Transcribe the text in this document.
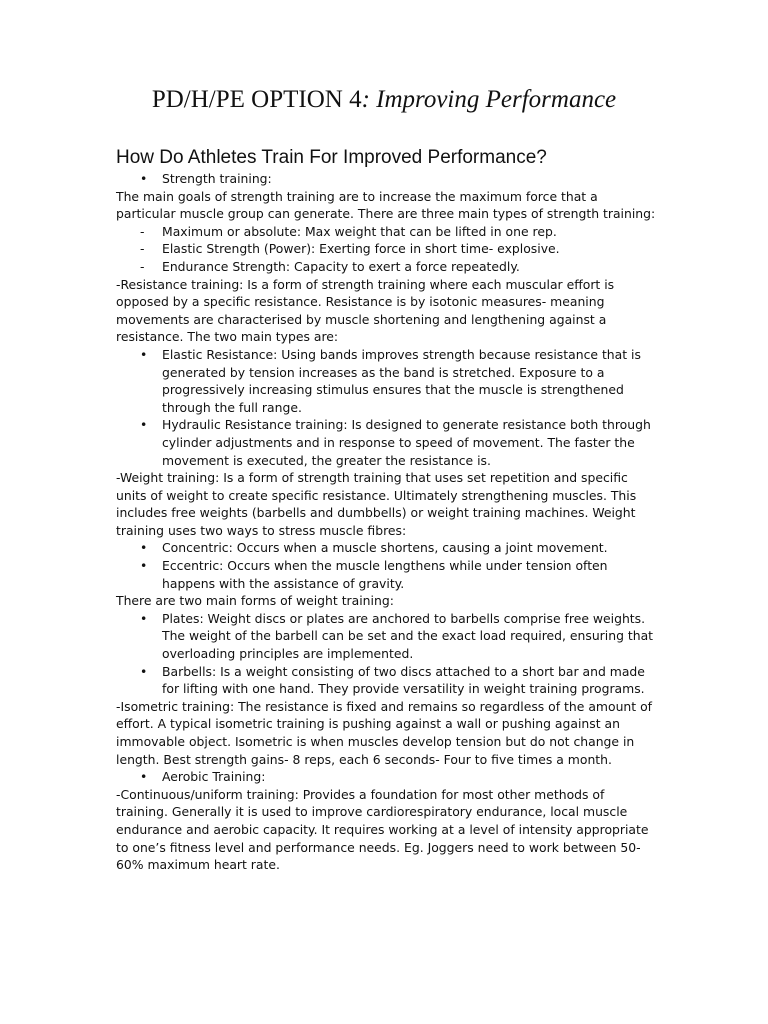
PD/H/PE OPTION 4: Improving Performance
How Do Athletes Train For Improved Performance?
• Strength training:

The main goals of strength training are to increase the maximum force that a particular muscle group can generate. There are three main types of strength training:

- Maximum or absolute: Max weight that can be lifted in one rep.
- Elastic Strength (Power): Exerting force in short time- explosive.
- Endurance Strength: Capacity to exert a force repeatedly.

-Resistance training: Is a form of strength training where each muscular effort is opposed by a specific resistance. Resistance is by isotonic measures- meaning movements are characterised by muscle shortening and lengthening against a resistance. The two main types are:

• Elastic Resistance: Using bands improves strength because resistance that is generated by tension increases as the band is stretched. Exposure to a progressively increasing stimulus ensures that the muscle is strengthened through the full range.
• Hydraulic Resistance training: Is designed to generate resistance both through cylinder adjustments and in response to speed of movement. The faster the movement is executed, the greater the resistance is.

-Weight training: Is a form of strength training that uses set repetition and specific units of weight to create specific resistance. Ultimately strengthening muscles. This includes free weights (barbells and dumbbells) or weight training machines. Weight training uses two ways to stress muscle fibres:

• Concentric: Occurs when a muscle shortens, causing a joint movement.
• Eccentric: Occurs when the muscle lengthens while under tension often happens with the assistance of gravity.

There are two main forms of weight training:

• Plates: Weight discs or plates are anchored to barbells comprise free weights. The weight of the barbell can be set and the exact load required, ensuring that overloading principles are implemented.
• Barbells: Is a weight consisting of two discs attached to a short bar and made for lifting with one hand. They provide versatility in weight training programs.

-Isometric training: The resistance is fixed and remains so regardless of the amount of effort. A typical isometric training is pushing against a wall or pushing against an immovable object. Isometric is when muscles develop tension but do not change in length. Best strength gains- 8 reps, each 6 seconds- Four to five times a month.

• Aerobic Training:

-Continuous/uniform training: Provides a foundation for most other methods of training. Generally it is used to improve cardiorespiratory endurance, local muscle endurance and aerobic capacity. It requires working at a level of intensity appropriate to one’s fitness level and performance needs. Eg. Joggers need to work between 50-60% maximum heart rate.
